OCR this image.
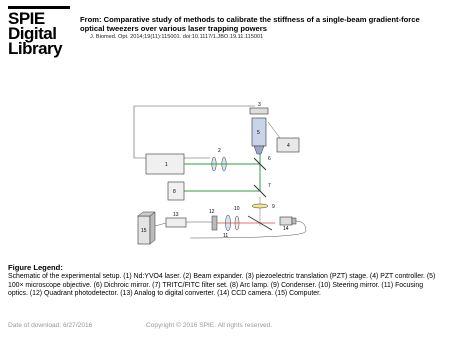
SPIE
Digital
Library
From: Comparative study of methods to calibrate the stiffness of a single-beam gradient-force optical tweezers over various laser trapping powers
J. Biomed. Opt. 2014;19(11):115001. doi:10.1117/1.JBO.19.11.115001
1
2
3
4
5
6
7
8
9
10
11
12
13
14
15
Figure Legend:
Schematic of the experimental setup. (1) Nd:YVO4 laser. (2) Beam expander. (3) piezoelectric translation (PZT) stage. (4) PZT controller. (5) 100× microscope objective. (6) Dichroic mirror. (7) TRITC/FITC filter set. (8) Arc lamp. (9) Condenser. (10) Steering mirror. (11) Focusing optics. (12) Quadrant photodetector. (13) Analog to digital converter. (14) CCD camera. (15) Computer.
Date of download: 6/27/2016	Copyright © 2016 SPIE. All rights reserved.
